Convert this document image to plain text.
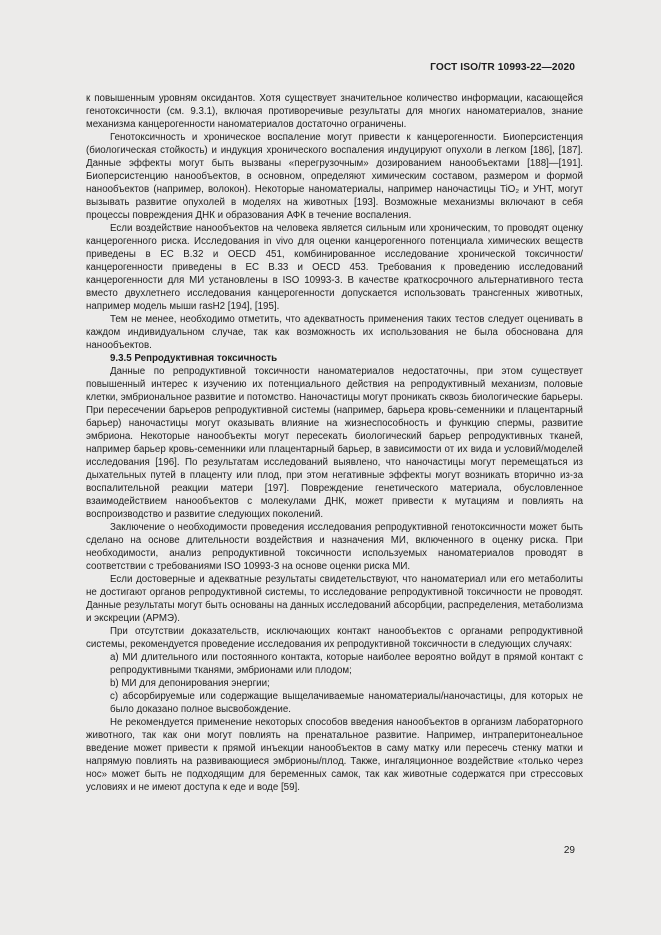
ГОСТ ISO/TR 10993-22—2020

к повышенным уровням оксидантов. Хотя существует значительное количество информации, касающейся генотоксичности (см. 9.3.1), включая противоречивые результаты для многих наноматериалов, знание механизма канцерогенности наноматериалов достаточно ограничены.

Генотоксичность и хроническое воспаление могут привести к канцерогенности. Биоперсистенция (биологическая стойкость) и индукция хронического воспаления индуцируют опухоли в легком [186], [187]. Данные эффекты могут быть вызваны «перегрузочным» дозированием нанообъектами [188]—[191]. Биоперсистенцию нанообъектов, в основном, определяют химическим составом, размером и формой нанообъектов (например, волокон). Некоторые наноматериалы, например наночастицы TiO₂ и УНТ, могут вызывать развитие опухолей в моделях на животных [193]. Возможные механизмы включают в себя процессы повреждения ДНК и образования АФК в течение воспаления.

Если воздействие нанообъектов на человека является сильным или хроническим, то проводят оценку канцерогенного риска. Исследования in vivo для оценки канцерогенного потенциала химических веществ приведены в ЕС B.32 и OECD 451, комбинированное исследование хронической токсичности/канцерогенности приведены в ЕС B.33 и OECD 453. Требования к проведению исследований канцерогенности для МИ установлены в ISO 10993-3. В качестве краткосрочного альтернативного теста вместо двухлетнего исследования канцерогенности допускается использовать трансгенных животных, например модель мыши rasH2 [194], [195].

Тем не менее, необходимо отметить, что адекватность применения таких тестов следует оценивать в каждом индивидуальном случае, так как возможность их использования не была обоснована для нанообъектов.

9.3.5 Репродуктивная токсичность

Данные по репродуктивной токсичности наноматериалов недостаточны, при этом существует повышенный интерес к изучению их потенциального действия на репродуктивный механизм, половые клетки, эмбриональное развитие и потомство. Наночастицы могут проникать сквозь биологические барьеры. При пересечении барьеров репродуктивной системы (например, барьера кровь-семенники и плацентарный барьер) наночастицы могут оказывать влияние на жизнеспособность и функцию спермы, развитие эмбриона. Некоторые нанообъекты могут пересекать биологический барьер репродуктивных тканей, например барьер кровь-семенники или плацентарный барьер, в зависимости от их вида и условий/моделей исследования [196]. По результатам исследований выявлено, что наночастицы могут перемещаться из дыхательных путей в плаценту или плод, при этом негативные эффекты могут возникать вторично из-за воспалительной реакции матери [197]. Повреждение генетического материала, обусловленное взаимодействием нанообъектов с молекулами ДНК, может привести к мутациям и повлиять на воспроизводство и развитие следующих поколений.

Заключение о необходимости проведения исследования репродуктивной генотоксичности может быть сделано на основе длительности воздействия и назначения МИ, включенного в оценку риска. При необходимости, анализ репродуктивной токсичности используемых наноматериалов проводят в соответствии с требованиями ISO 10993-3 на основе оценки риска МИ.

Если достоверные и адекватные результаты свидетельствуют, что наноматериал или его метаболиты не достигают органов репродуктивной системы, то исследование репродуктивной токсичности не проводят. Данные результаты могут быть основаны на данных исследований абсорбции, распределения, метаболизма и экскреции (АРМЭ).

При отсутствии доказательств, исключающих контакт нанообъектов с органами репродуктивной системы, рекомендуется проведение исследования их репродуктивной токсичности в следующих случаях:

a) МИ длительного или постоянного контакта, которые наиболее вероятно войдут в прямой контакт с репродуктивными тканями, эмбрионами или плодом;

b) МИ для депонирования энергии;

c) абсорбируемые или содержащие выщелачиваемые наноматериалы/наночастицы, для которых не было доказано полное высвобождение.

Не рекомендуется применение некоторых способов введения нанообъектов в организм лабораторного животного, так как они могут повлиять на пренатальное развитие. Например, интраперитонеальное введение может привести к прямой инъекции нанообъектов в саму матку или пересечь стенку матки и напрямую повлиять на развивающиеся эмбрионы/плод. Также, ингаляционное воздействие «только через нос» может быть не подходящим для беременных самок, так как животные содержатся при стрессовых условиях и не имеют доступа к еде и воде [59].

29
